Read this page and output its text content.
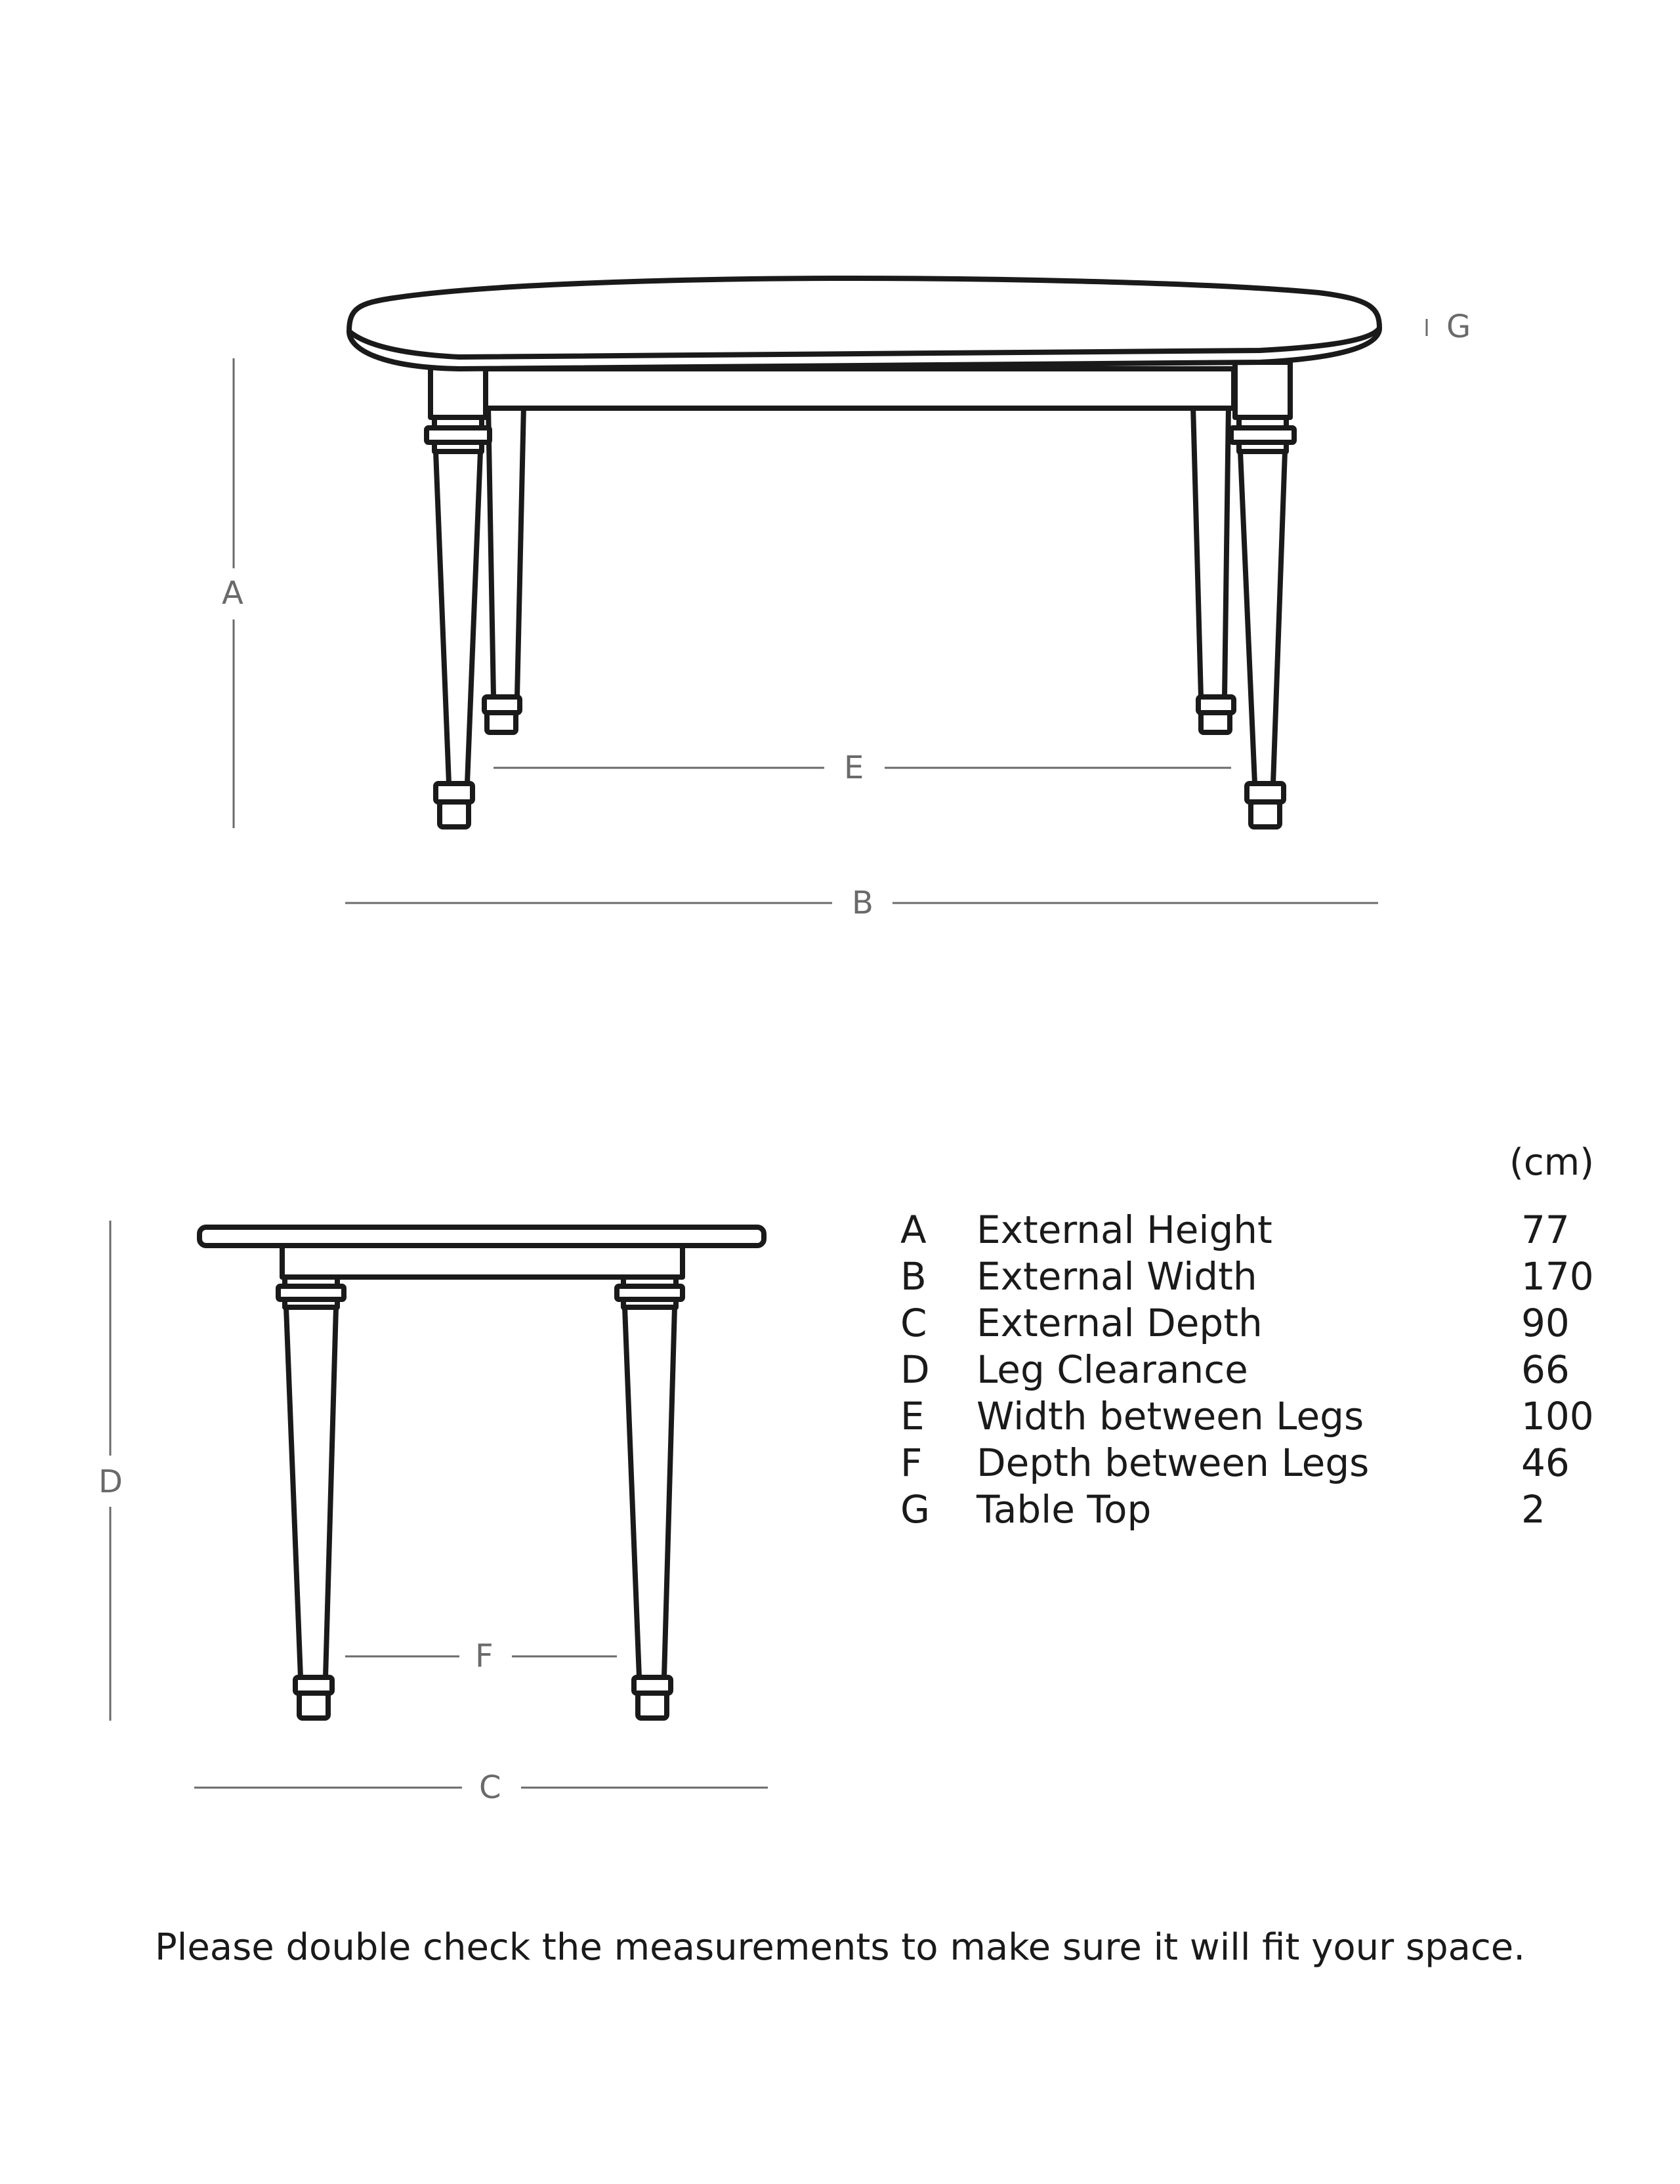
A
B
E
G
D
F
C
(cm)
A	External Height	77
B	External Width	170
C	External Depth	90
D	Leg Clearance	66
E	Width between Legs	100
F	Depth between Legs	46
G	Table Top	2
Please double check the measurements to make sure it will fit your space.
